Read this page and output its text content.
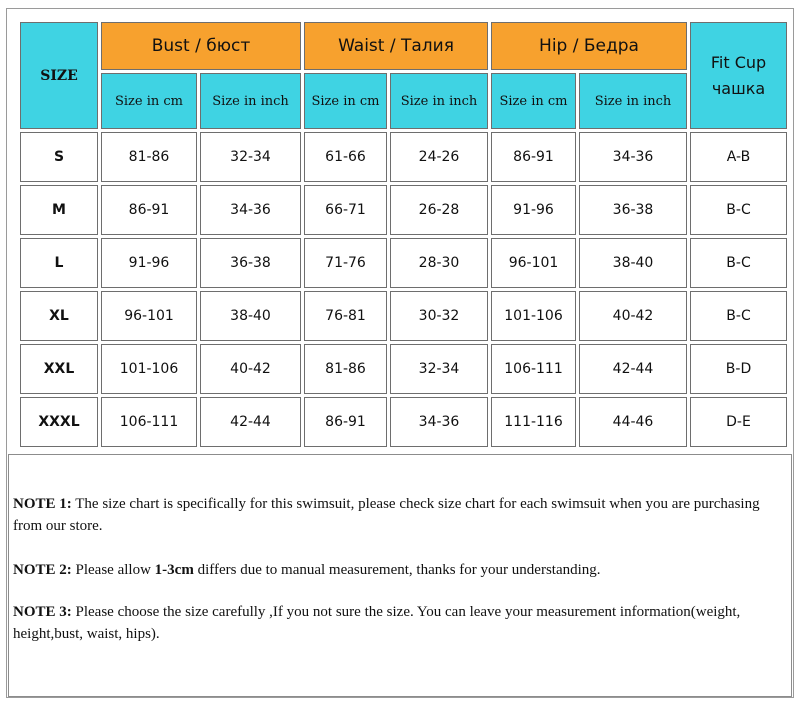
SIZE	Bust / бюст		Waist / Талия		Hip / Бедра		Fit Cup
чашка
	Size in cm	Size in inch	Size in cm	Size in inch	Size in cm	Size in inch	
S	81-86	32-34	61-66	24-26	86-91	34-36	A-B
M	86-91	34-36	66-71	26-28	91-96	36-38	B-C
L	91-96	36-38	71-76	28-30	96-101	38-40	B-C
XL	96-101	38-40	76-81	30-32	101-106	40-42	B-C
XXL	101-106	40-42	81-86	32-34	106-111	42-44	B-D
XXXL	106-111	42-44	86-91	34-36	111-116	44-46	D-E

NOTE 1: The size chart is specifically for this swimsuit, please check size chart for each swimsuit when you are purchasing from our store.

NOTE 2: Please allow 1-3cm differs due to manual measurement, thanks for your understanding.

NOTE 3: Please choose the size carefully ,If you not sure the size. You can leave your measurement information(weight, height,bust, waist, hips).
